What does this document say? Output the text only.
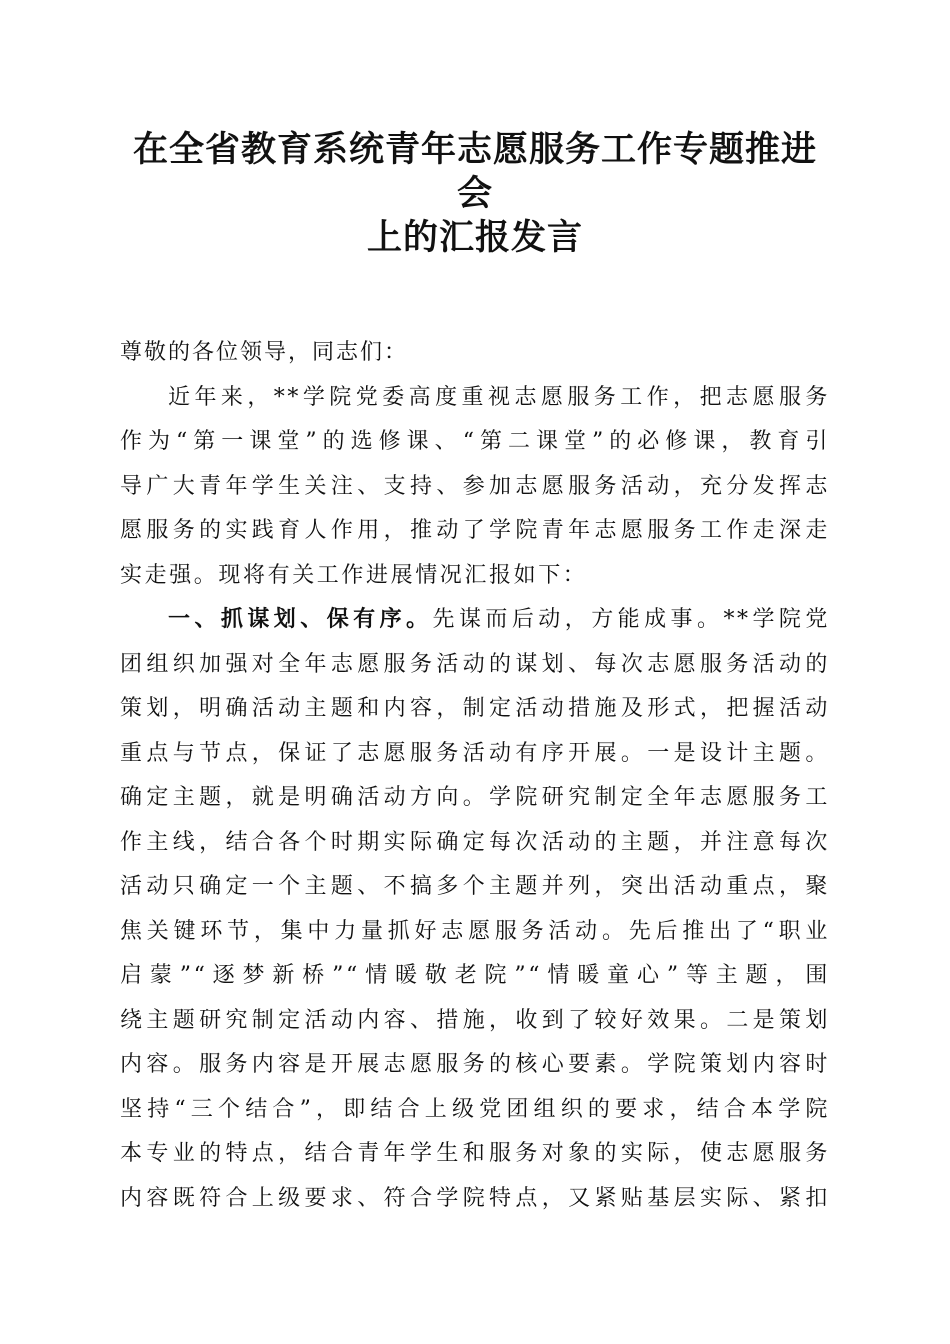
在全省教育系统青年志愿服务工作专题推进会
上的汇报发言

尊敬的各位领导，同志们：

近年来，**学院党委高度重视志愿服务工作，把志愿服务
作为“第一课堂”的选修课、“第二课堂”的必修课，教育引
导广大青年学生关注、支持、参加志愿服务活动，充分发挥志
愿服务的实践育人作用，推动了学院青年志愿服务工作走深走
实走强。现将有关工作进展情况汇报如下：
一、抓谋划、保有序。先谋而后动，方能成事。**学院党
团组织加强对全年志愿服务活动的谋划、每次志愿服务活动的
策划，明确活动主题和内容，制定活动措施及形式，把握活动
重点与节点，保证了志愿服务活动有序开展。一是设计主题。
确定主题，就是明确活动方向。学院研究制定全年志愿服务工
作主线，结合各个时期实际确定每次活动的主题，并注意每次
活动只确定一个主题、不搞多个主题并列，突出活动重点，聚
焦关键环节，集中力量抓好志愿服务活动。先后推出了“职业
启蒙”“逐梦新桥”“情暖敬老院”“情暖童心”等主题，围
绕主题研究制定活动内容、措施，收到了较好效果。二是策划
内容。服务内容是开展志愿服务的核心要素。学院策划内容时
坚持“三个结合”，即结合上级党团组织的要求，结合本学院
本专业的特点，结合青年学生和服务对象的实际，使志愿服务
内容既符合上级要求、符合学院特点，又紧贴基层实际、紧扣
